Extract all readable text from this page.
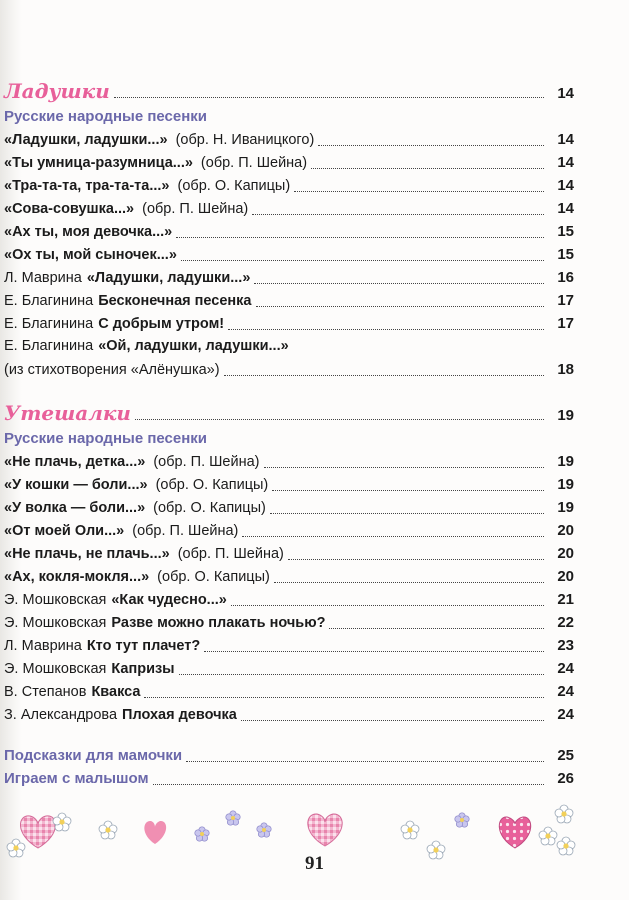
Ладушки	14
Русские народные песенки
«Ладушки, ладушки...» (обр. Н. Иваницкого)	14
«Ты умница-разумница...» (обр. П. Шейна)	14
«Тра-та-та, тра-та-та...» (обр. О. Капицы)	14
«Сова-совушка...» (обр. П. Шейна)	14
«Ах ты, моя девочка...»	15
«Ох ты, мой сыночек...»	15
Л. Маврина «Ладушки, ладушки...»	16
Е. Благинина Бесконечная песенка	17
Е. Благинина С добрым утром!	17
Е. Благинина «Ой, ладушки, ладушки...»
(из стихотворения «Алёнушка»)	18
Утешалки	19
Русские народные песенки
«Не плачь, детка...» (обр. П. Шейна)	19
«У кошки — боли...» (обр. О. Капицы)	19
«У волка — боли...» (обр. О. Капицы)	19
«От моей Оли...» (обр. П. Шейна)	20
«Не плачь, не плачь...» (обр. П. Шейна)	20
«Ах, кокля-мокля...» (обр. О. Капицы)	20
Э. Мошковская «Как чудесно...»	21
Э. Мошковская Разве можно плакать ночью?	22
Л. Маврина Кто тут плачет?	23
Э. Мошковская Капризы	24
В. Степанов Квакса	24
З. Александрова Плохая девочка	24
Подсказки для мамочки	25
Играем с малышом	26
91
